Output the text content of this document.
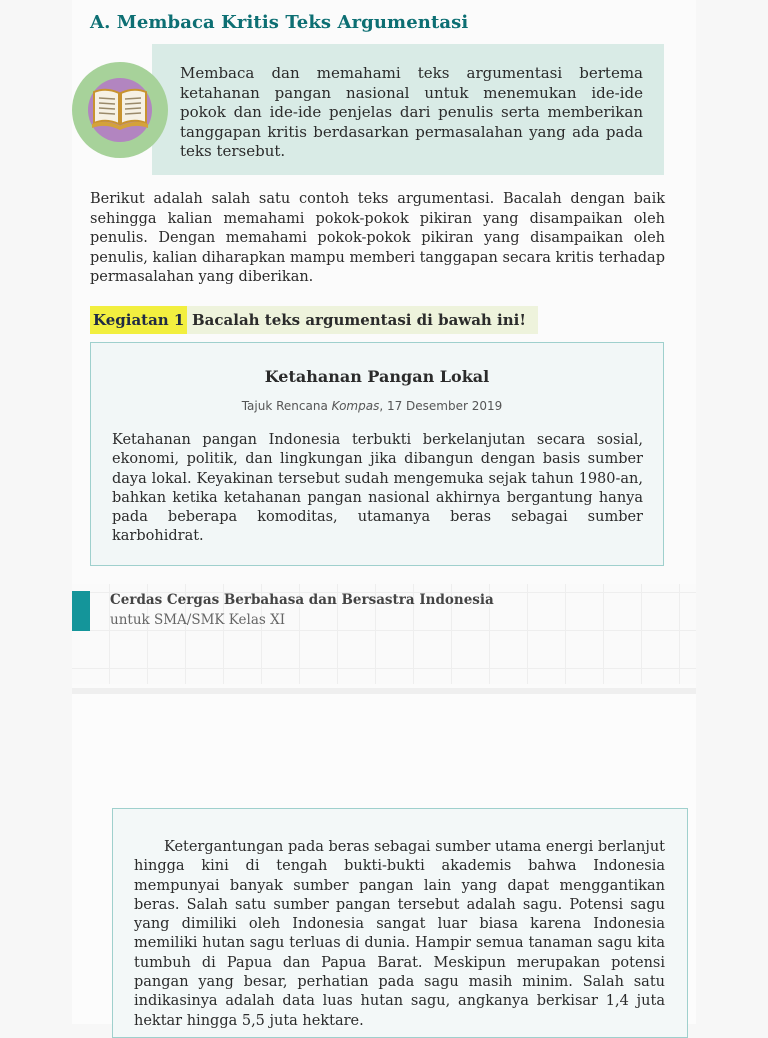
A. Membaca Kritis Teks Argumentasi

Membaca dan memahami teks argumentasi bertema ketahanan pangan nasional untuk menemukan ide-ide pokok dan ide-ide penjelas dari penulis serta memberikan tanggapan kritis berdasarkan permasalahan yang ada pada teks tersebut.

Berikut adalah salah satu contoh teks argumentasi. Bacalah dengan baik sehingga kalian memahami pokok-pokok pikiran yang disampaikan oleh penulis. Dengan memahami pokok-pokok pikiran yang disampaikan oleh penulis, kalian diharapkan mampu memberi tanggapan secara kritis terhadap permasalahan yang diberikan.

Kegiatan 1 Bacalah teks argumentasi di bawah ini!
Ketahanan Pangan Lokal
Tajuk Rencana Kompas, 17 Desember 2019

Ketahanan pangan Indonesia terbukti berkelanjutan secara sosial, ekonomi, politik, dan lingkungan jika dibangun dengan basis sumber daya lokal. Keyakinan tersebut sudah mengemuka sejak tahun 1980-an, bahkan ketika ketahanan pangan nasional akhirnya bergantung hanya pada beberapa komoditas, utamanya beras sebagai sumber karbohidrat.

Cerdas Cergas Berbahasa dan Bersastra Indonesia
untuk SMA/SMK Kelas XI

Ketergantungan pada beras sebagai sumber utama energi berlanjut hingga kini di tengah bukti-bukti akademis bahwa Indonesia mempunyai banyak sumber pangan lain yang dapat menggantikan beras. Salah satu sumber pangan tersebut adalah sagu. Potensi sagu yang dimiliki oleh Indonesia sangat luar biasa karena Indonesia memiliki hutan sagu terluas di dunia. Hampir semua tanaman sagu kita tumbuh di Papua dan Papua Barat. Meskipun merupakan potensi pangan yang besar, perhatian pada sagu masih minim. Salah satu indikasinya adalah data luas hutan sagu, angkanya berkisar 1,4 juta hektar hingga 5,5 juta hektare.
